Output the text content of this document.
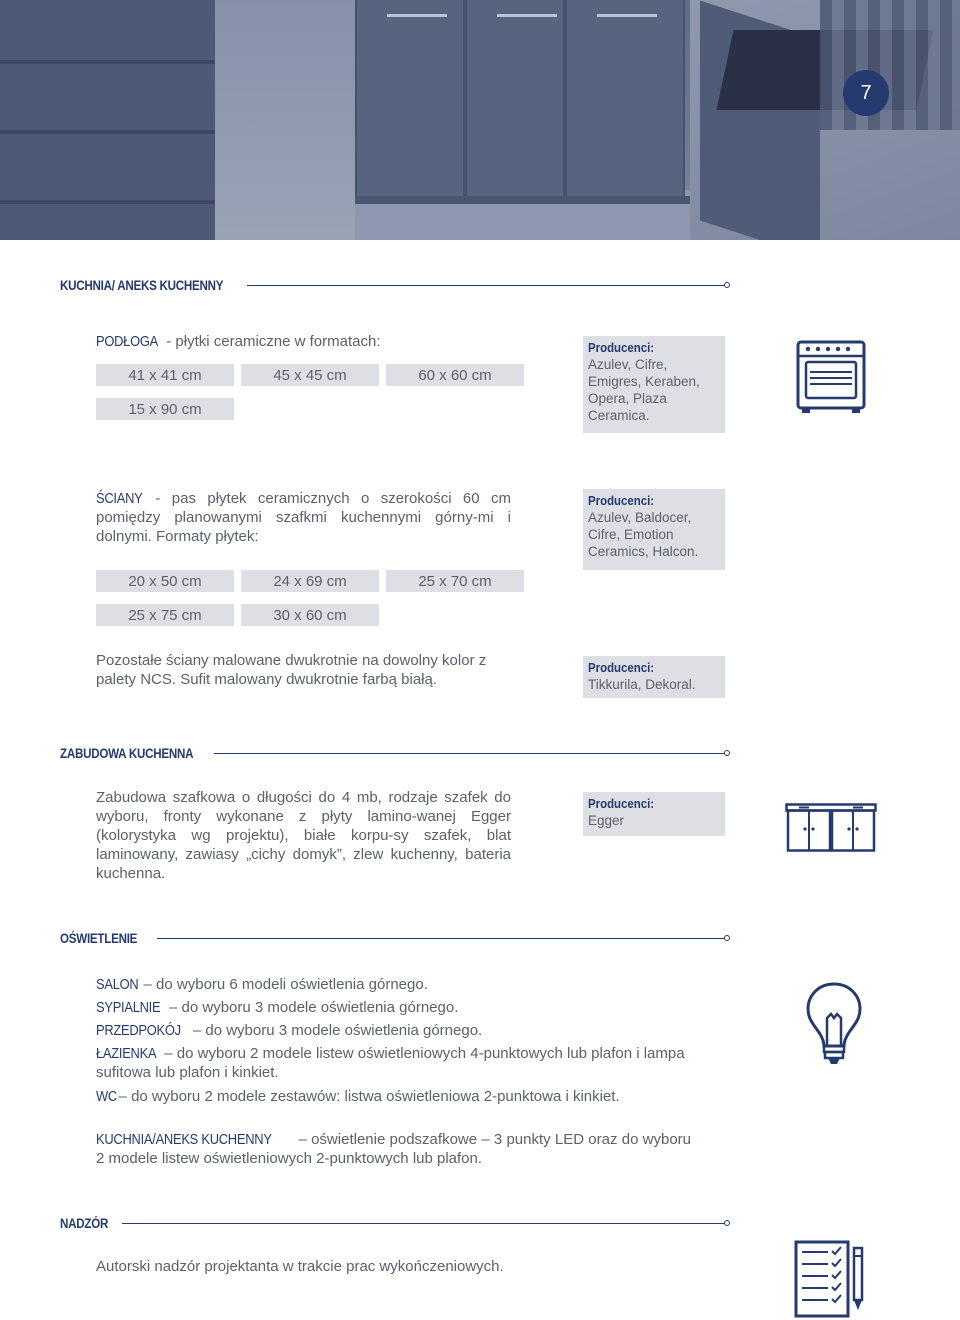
7
KUCHNIA/ ANEKS KUCHENNY
PODŁOGA - płytki ceramiczne w formatach:
41 x 41 cm	45 x 45 cm	60 x 60 cm
15 x 90 cm
Producenci:
Azulev, Cifre, Emigres, Keraben, Opera, Plaza Ceramica.
ŚCIANY - pas płytek ceramicznych o szerokości 60 cm pomiędzy planowanymi szafkmi kuchennymi górny-mi i dolnymi. Formaty płytek:
20 x 50 cm	24 x 69 cm	25 x 70 cm
25 x 75 cm	30 x 60 cm
Producenci:
Azulev, Baldocer, Cifre, Emotion Ceramics, Halcon.
Pozostałe ściany malowane dwukrotnie na dowolny kolor z palety NCS. Sufit malowany dwukrotnie farbą białą.
Producenci:
Tikkurila, Dekoral.
ZABUDOWA KUCHENNA
Zabudowa szafkowa o długości do 4 mb, rodzaje szafek do wyboru, fronty wykonane z płyty lamino-wanej Egger (kolorystyka wg projektu), białe korpu-sy szafek, blat laminowany, zawiasy „cichy domyk”, zlew kuchenny, bateria kuchenna.
Producenci:
Egger
OŚWIETLENIE
SALON – do wyboru 6 modeli oświetlenia górnego.
SYPIALNIE – do wyboru 3 modele oświetlenia górnego.
PRZEDPOKÓJ – do wyboru 3 modele oświetlenia górnego.
ŁAZIENKA – do wyboru 2 modele listew oświetleniowych 4-punktowych lub plafon i lampa sufitowa lub plafon i kinkiet.
WC – do wyboru 2 modele zestawów: listwa oświetleniowa 2-punktowa i kinkiet.
KUCHNIA/ANEKS KUCHENNY – oświetlenie podszafkowe – 3 punkty LED oraz do wyboru 2 modele listew oświetleniowych 2-punktowych lub plafon.
NADZÓR
Autorski nadzór projektanta w trakcie prac wykończeniowych.
